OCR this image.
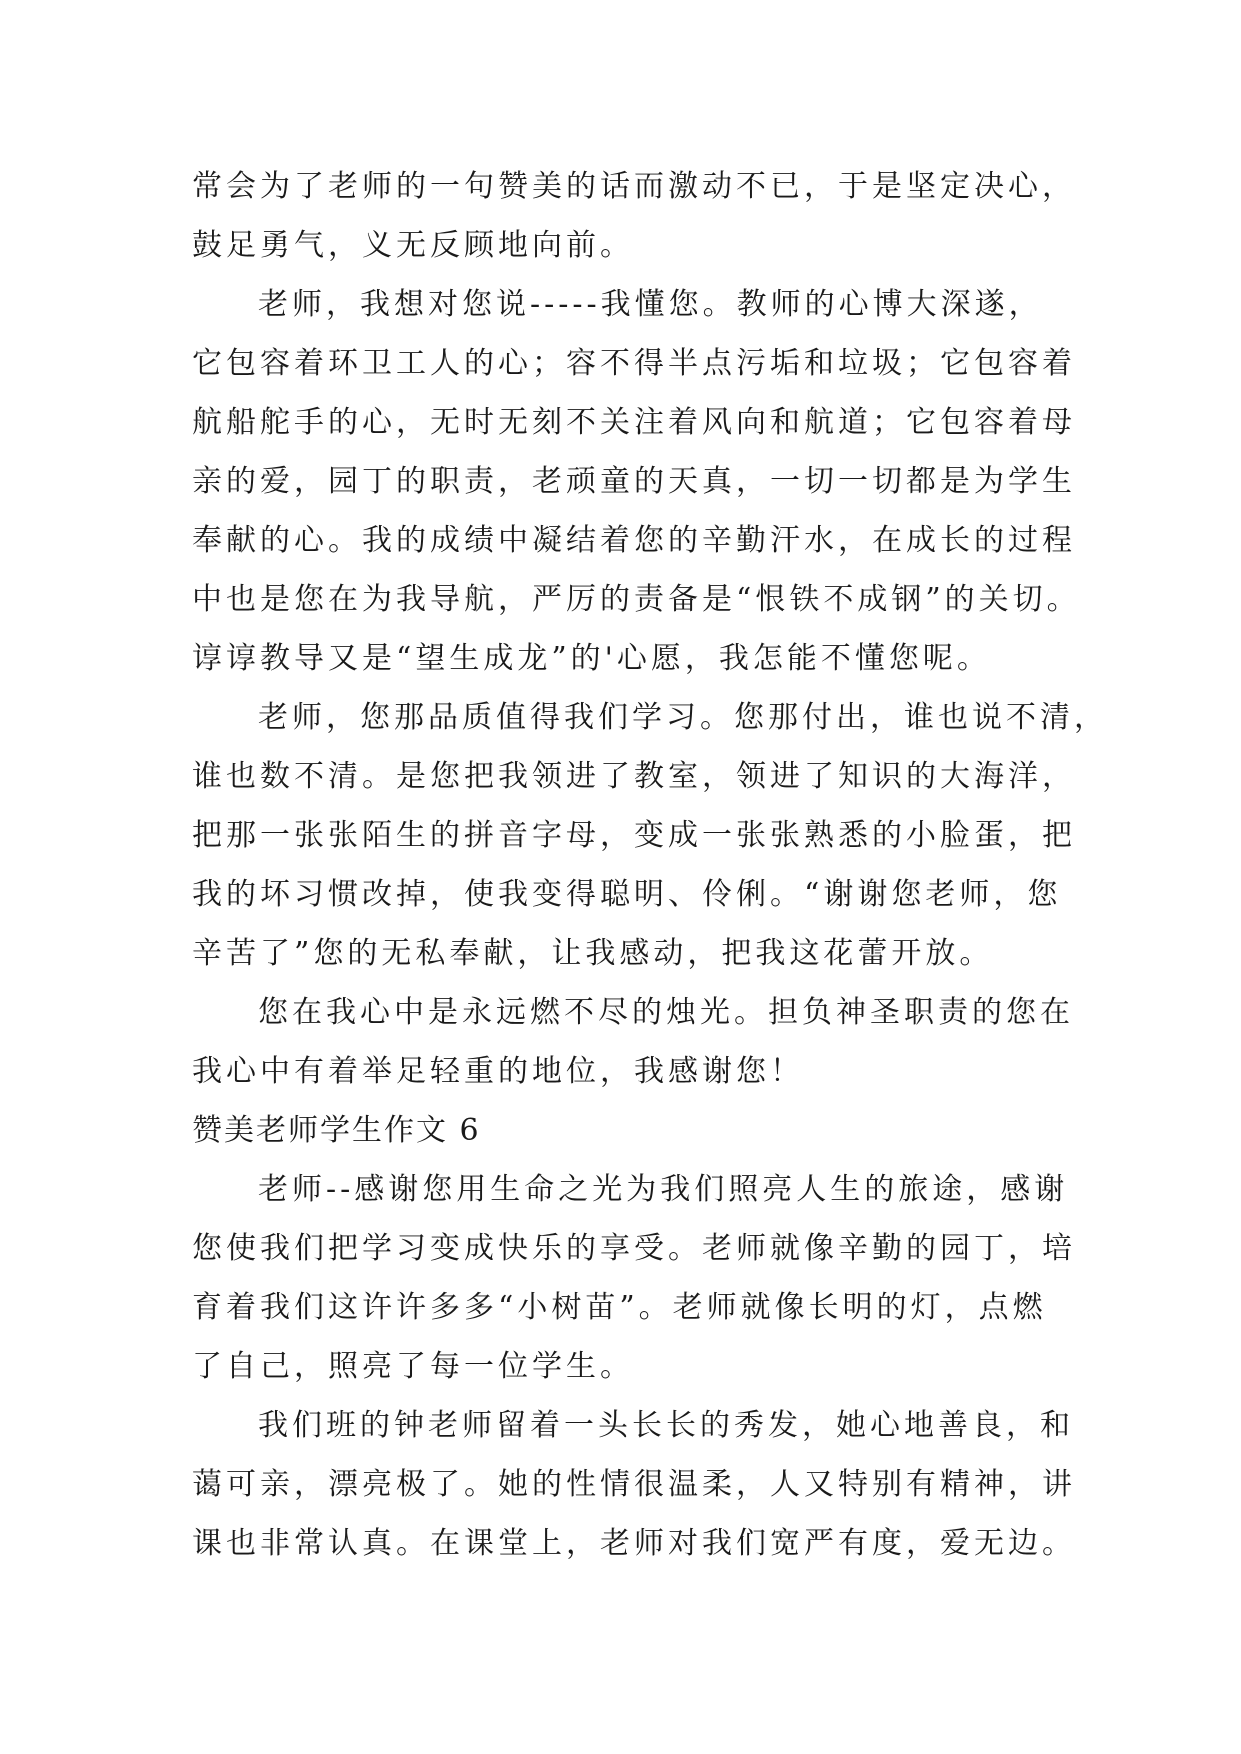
常会为了老师的一句赞美的话而激动不已，于是坚定决心，
鼓足勇气，义无反顾地向前。
老师，我想对您说-----我懂您。教师的心博大深遂，
它包容着环卫工人的心；容不得半点污垢和垃圾；它包容着
航船舵手的心，无时无刻不关注着风向和航道；它包容着母
亲的爱，园丁的职责，老顽童的天真，一切一切都是为学生
奉献的心。我的成绩中凝结着您的辛勤汗水，在成长的过程
中也是您在为我导航，严厉的责备是“恨铁不成钢”的关切。
谆谆教导又是“望生成龙”的'心愿，我怎能不懂您呢。
老师，您那品质值得我们学习。您那付出，谁也说不清，
谁也数不清。是您把我领进了教室，领进了知识的大海洋，
把那一张张陌生的拼音字母，变成一张张熟悉的小脸蛋，把
我的坏习惯改掉，使我变得聪明、伶俐。“谢谢您老师，您
辛苦了”您的无私奉献，让我感动，把我这花蕾开放。
您在我心中是永远燃不尽的烛光。担负神圣职责的您在
我心中有着举足轻重的地位，我感谢您！
赞美老师学生作文 6
老师--感谢您用生命之光为我们照亮人生的旅途，感谢
您使我们把学习变成快乐的享受。老师就像辛勤的园丁，培
育着我们这许许多多“小树苗”。老师就像长明的灯，点燃
了自己，照亮了每一位学生。
我们班的钟老师留着一头长长的秀发，她心地善良，和
蔼可亲，漂亮极了。她的性情很温柔，人又特别有精神，讲
课也非常认真。在课堂上，老师对我们宽严有度，爱无边。
